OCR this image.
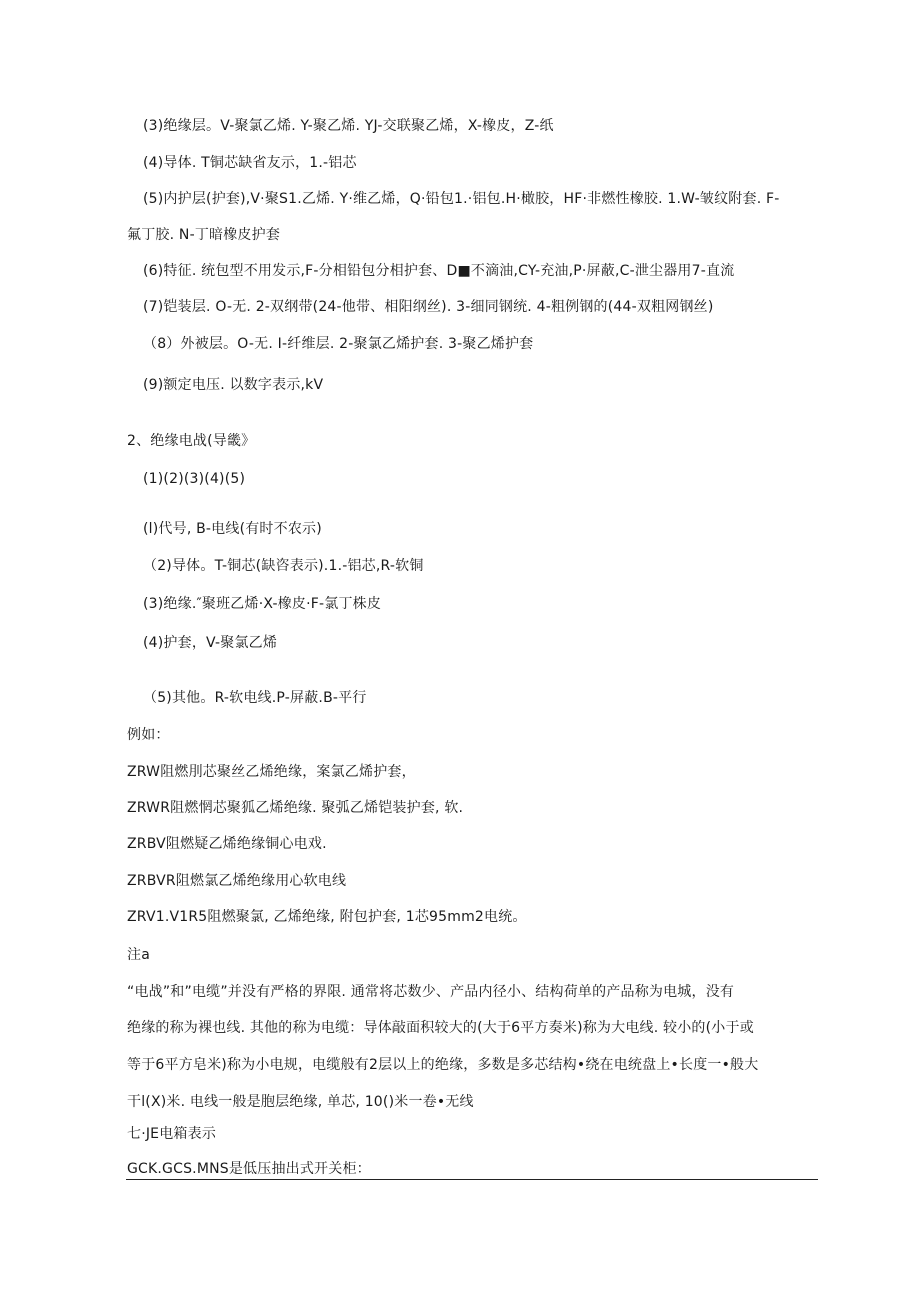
(3)绝缘层。V-聚氯乙烯. Y-聚乙烯. YJ-交联聚乙烯，X-橡皮，Z-纸
(4)导体. T铜芯缺省友示，1.-铝芯
(5)内护层(护套),V·聚S1.乙烯. Y·维乙烯，Q·铅包1.·铝包.H·橄胶，HF·非燃性橡胶. 1.W-皱纹附套. F-
氟丁胶. N-丁暗橡皮护套
(6)特征. 统包型不用发示,F-分相铅包分相护套、D■不滴油,CY-充油,P·屏蔽,C-泄尘器用7-直流
(7)铠装层. O-无. 2-双纲带(24-他带、相阳纲丝). 3-细同钢统. 4-粗例钢的(44-双粗网钢丝)
（8）外被层。O-无. I-纤维层. 2-聚氯乙烯护套. 3-聚乙烯护套
(9)额定电压. 以数字表示,kV
2、绝缘电战(导畿》
(1)(2)(3)(4)(5)
(l)代号, B-电线(有时不农示)
（2)导体。T-铜芯(缺咨表示).1.-铝芯,R-软铜
(3)绝缘.″聚班乙烯·X-橡皮·F-氯丁株皮
(4)护套，V-聚氯乙烯
（5)其他。R-软电线.P-屏蔽.B-平行
例如：
ZRW阻燃刖芯聚丝乙烯绝缘，案氯乙烯护套，
ZRWR阻燃惘芯聚狐乙烯绝缘. 聚弧乙烯铠装护套, 软.
ZRBV阻燃疑乙烯绝缘铜心电戏.
ZRBVR阻燃氯乙烯绝缘用心软电线
ZRV1.V1R5阻燃聚氯, 乙烯绝缘, 附包护套, 1芯95mm2电统。
注a
“电战”和”电缆”并没有严格的界限. 通常将芯数少、产品内径小、结构荷单的产品称为电城，没有
绝缘的称为裸也线. 其他的称为电缆：导体敲面积较大的(大于6平方奏米)称为大电线. 较小的(小于或
等于6平方皂米)称为小电规，电缆般有2层以上的绝缘，多数是多芯结构•绕在电统盘上•长度一•般大
干l(X)米. 电线一般是胞层绝缘, 单芯, 10()米一卷•无线
七·JE电箱表示
GCK.GCS.MNS是低压抽出式开关柜：
